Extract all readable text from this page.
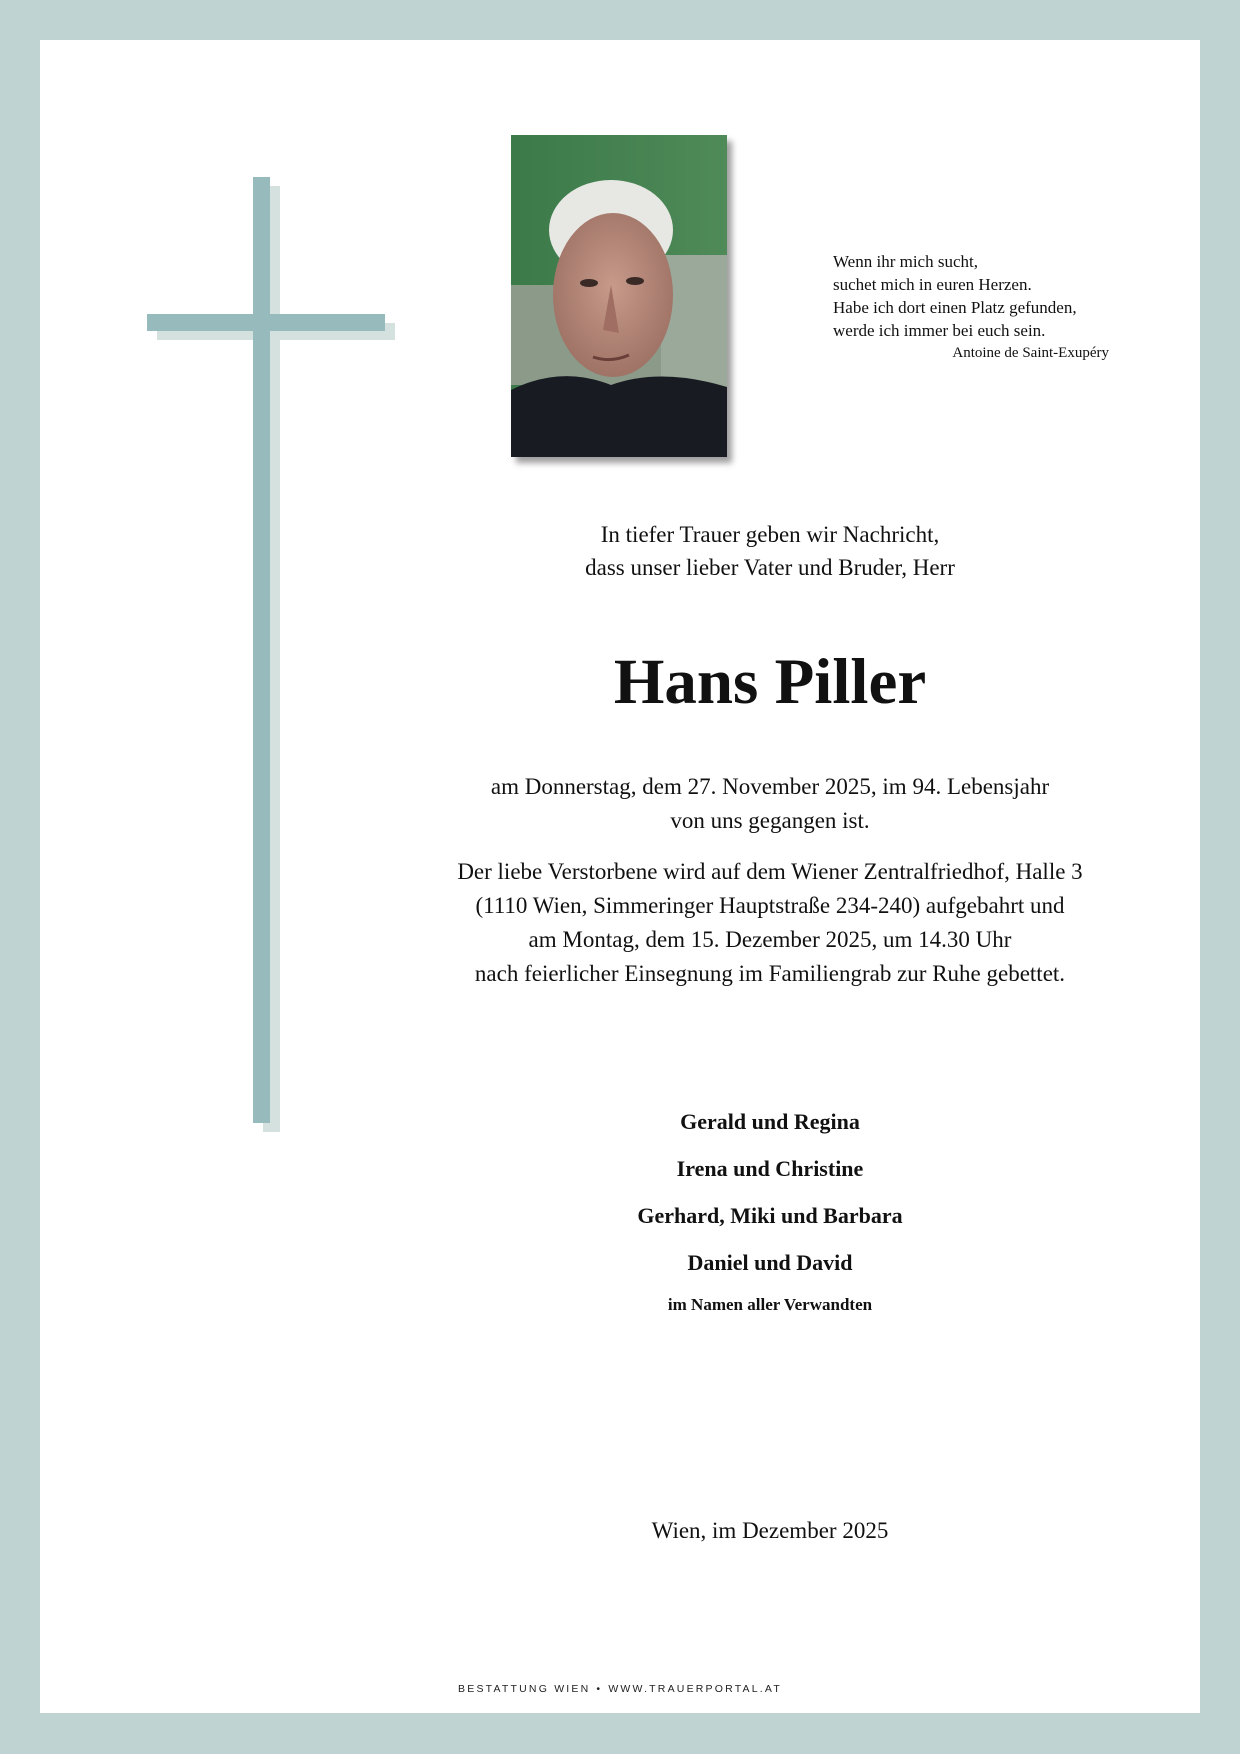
Wenn ihr mich sucht,
suchet mich in euren Herzen.
Habe ich dort einen Platz gefunden,
werde ich immer bei euch sein.
Antoine de Saint-Exupéry
In tiefer Trauer geben wir Nachricht,
dass unser lieber Vater und Bruder, Herr
Hans Piller
am Donnerstag, dem 27. November 2025, im 94. Lebensjahr
von uns gegangen ist.
Der liebe Verstorbene wird auf dem Wiener Zentralfriedhof, Halle 3
(1110 Wien, Simmeringer Hauptstraße 234-240) aufgebahrt und
am Montag, dem 15. Dezember 2025, um 14.30 Uhr
nach feierlicher Einsegnung im Familiengrab zur Ruhe gebettet.
Gerald und Regina
Irena und Christine
Gerhard, Miki und Barbara
Daniel und David
im Namen aller Verwandten
Wien, im Dezember 2025
BESTATTUNG WIEN • WWW.TRAUERPORTAL.AT
